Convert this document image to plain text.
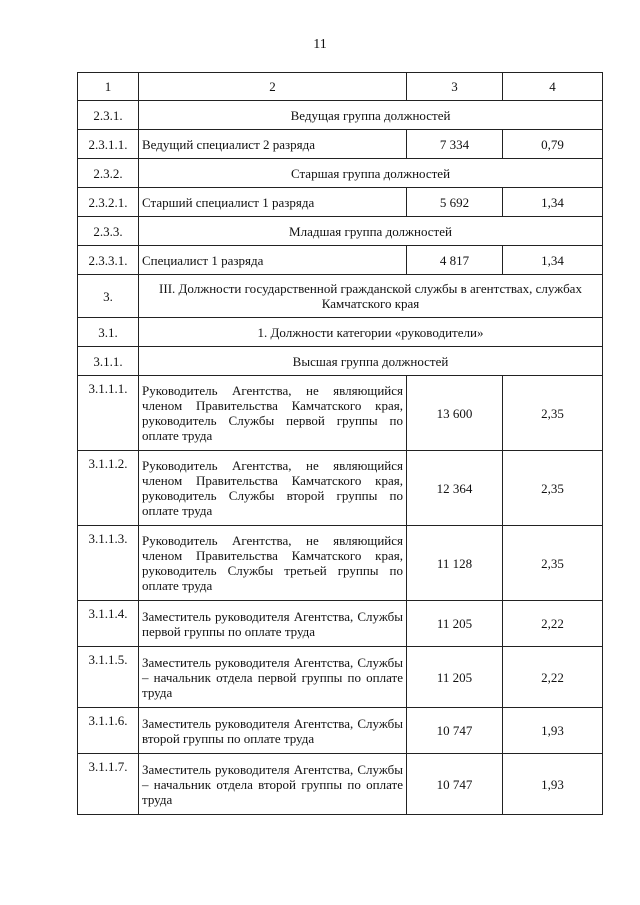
11
1	2	3	4
2.3.1.	Ведущая группа должностей		
2.3.1.1.	Ведущий специалист 2 разряда	7 334	0,79
2.3.2.	Старшая группа должностей		
2.3.2.1.	Старший специалист 1 разряда	5 692	1,34
2.3.3.	Младшая группа должностей		
2.3.3.1.	Специалист 1 разряда	4 817	1,34
3.	III. Должности государственной гражданской службы в агентствах, службах Камчатского края		
3.1.	1. Должности категории «руководители»		
3.1.1.	Высшая группа должностей		
3.1.1.1.	Руководитель Агентства, не являющийся членом Правительства Камчатского края, руководитель Службы первой группы по оплате труда	13 600	2,35
3.1.1.2.	Руководитель Агентства, не являющийся членом Правительства Камчатского края, руководитель Службы второй группы по оплате труда	12 364	2,35
3.1.1.3.	Руководитель Агентства, не являющийся членом Правительства Камчатского края, руководитель Службы третьей группы по оплате труда	11 128	2,35
3.1.1.4.	Заместитель руководителя Агентства, Службы первой группы по оплате труда	11 205	2,22
3.1.1.5.	Заместитель руководителя Агентства, Службы – начальник отдела первой группы по оплате труда	11 205	2,22
3.1.1.6.	Заместитель руководителя Агентства, Службы второй группы по оплате труда	10 747	1,93
3.1.1.7.	Заместитель руководителя Агентства, Службы – начальник отдела второй группы по оплате труда	10 747	1,93
